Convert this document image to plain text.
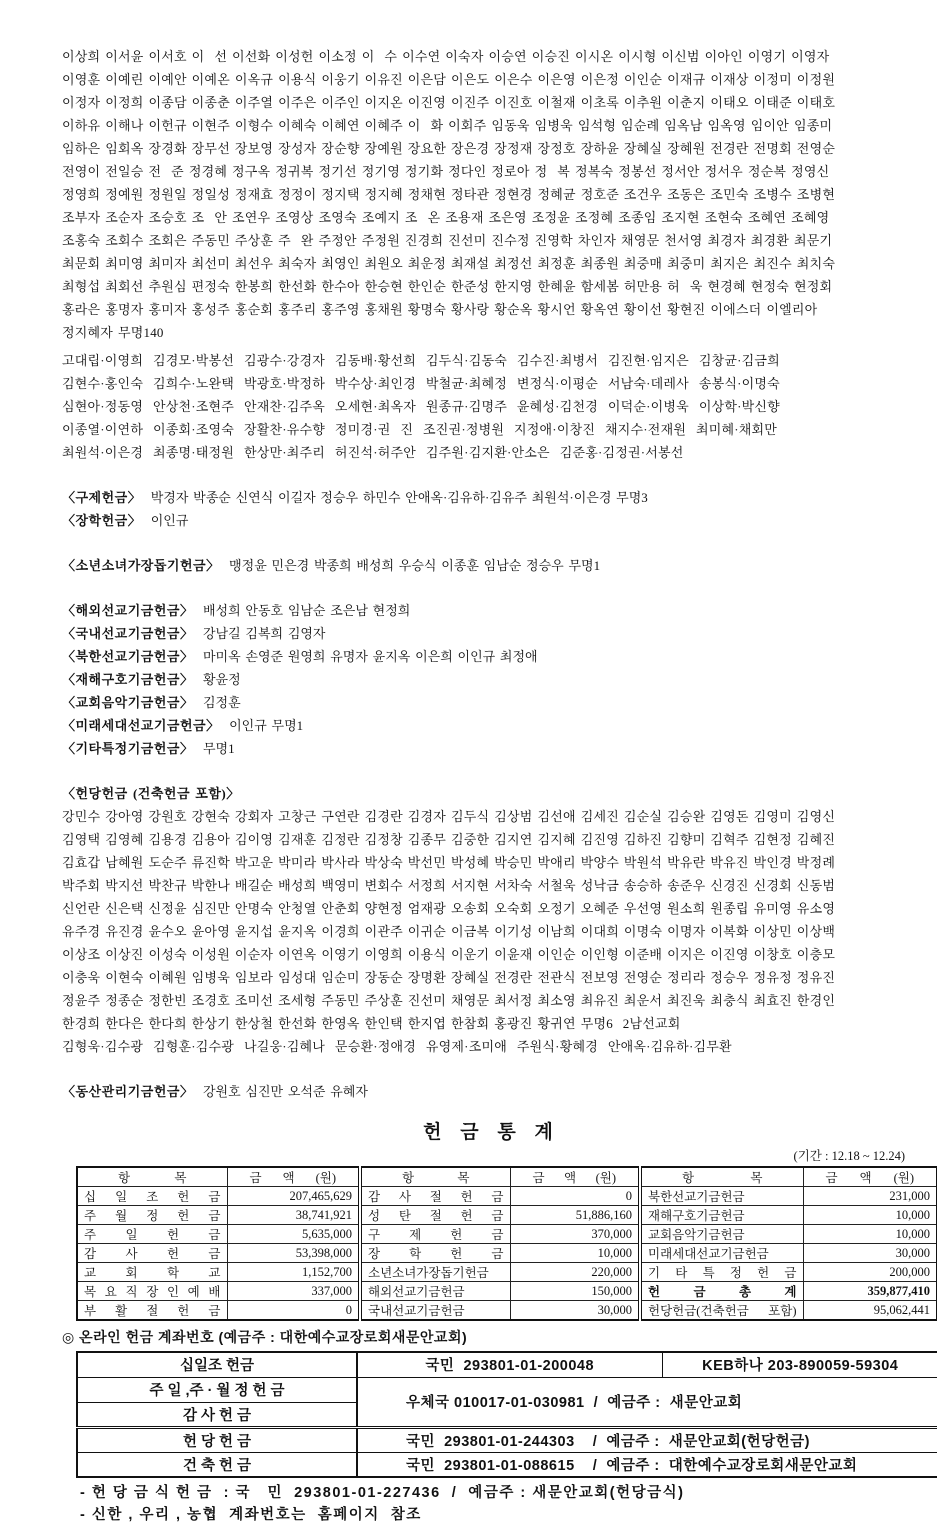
이상희 이서윤 이서호 이  선 이선화 이성헌 이소정 이  수 이수연 이숙자 이승연 이승진 이시온 이시형 이신범 이아인 이영기 이영자
이영훈 이예린 이예안 이예온 이옥규 이용식 이웅기 이유진 이은담 이은도 이은수 이은영 이은정 이인순 이재규 이재상 이정미 이정원
이정자 이정희 이종담 이종춘 이주열 이주은 이주인 이지온 이진영 이진주 이진호 이철재 이초록 이추원 이춘지 이태오 이태준 이태호
이하유 이해나 이헌규 이현주 이형수 이혜숙 이혜연 이혜주 이  화 이회주 임동욱 임병욱 임석형 임순례 임옥남 임옥영 임이안 임종미
임하은 임회옥 장경화 장무선 장보영 장성자 장순향 장예원 장요한 장은경 장정재 장정호 장하윤 장혜실 장혜원 전경란 전명회 전영순
전영이 전일승 전  준 정경혜 정구옥 정귀복 정기선 정기영 정기화 정다인 정로아 정  복 정복숙 정봉선 정서안 정서우 정순복 정영신
정영희 정예원 정원일 정일성 정재효 정정이 정지택 정지혜 정채현 정타관 정현경 정혜균 정호준 조건우 조동은 조민숙 조병수 조병현
조부자 조순자 조승호 조  안 조연우 조영상 조영숙 조예지 조  온 조용재 조은영 조정윤 조정혜 조종임 조지현 조현숙 조혜연 조혜영
조홍숙 조회수 조회은 주동민 주상훈 주  완 주정안 주정원 진경희 진선미 진수정 진영학 차인자 채영문 천서영 최경자 최경환 최문기
최문회 최미영 최미자 최선미 최선우 최숙자 최영인 최원오 최운정 최재설 최정선 최정훈 최종원 최중매 최중미 최지은 최진수 최치숙
최형섭 최회선 추원심 편정숙 한봉희 한선화 한수아 한승현 한인순 한준성 한지영 한혜윤 함세봄 허만용 허  욱 현경혜 현정숙 현정회
홍라은 홍명자 홍미자 홍성주 홍순회 홍주리 홍주영 홍채원 황명숙 황사랑 황순옥 황시언 황옥연 황이선 황현진 이에스더 이엘리아
정지혜자 무명140
고대립·이영희  김경모·박봉선  김광수·강경자  김동배·황선희  김두식·김동숙  김수진·최병서  김진현·임지은  김창균·김금희
김현수·홍인숙  김희수·노완택  박광호·박정하  박수상·최인경  박철균·최혜정  변정식·이평순  서남숙·데레사  송봉식·이명숙
심현아·정동영  안상천·조현주  안재찬·김주옥  오세현·최옥자  원종규·김명주  윤혜성·김천경  이덕순·이병욱  이상학·박신향
이종열·이연하  이종회·조영숙  장활찬·유수향  정미경·권  진  조진권·정병원  지정애·이창진  채지수·전재원  최미혜·채회만
최원석·이은경  최종명·태정원  한상만·최주리  허진석·허주안  김주원·김지환·안소은  김준홍·김정권·서봉선
〈구제헌금〉  박경자 박종순 신연식 이길자 정승우 하민수 안애옥·김유하·김유주 최원석·이은경 무명3
〈장학헌금〉  이인규
〈소년소녀가장돕기헌금〉  맹정윤 민은경 박종희 배성희 우승식 이종훈 임남순 정승우 무명1
〈해외선교기금헌금〉  배성희 안동호 임남순 조은남 현정희
〈국내선교기금헌금〉  강남길 김복희 김영자
〈북한선교기금헌금〉  마미옥 손영준 원영희 유명자 윤지옥 이은희 이인규 최정애
〈재해구호기금헌금〉  황윤정
〈교회음악기금헌금〉  김정훈
〈미래세대선교기금헌금〉  이인규 무명1
〈기타특정기금헌금〉  무명1
〈헌당헌금 (건축헌금 포함)〉
강민수 강아영 강원호 강현숙 강회자 고창근 구연란 김경란 김경자 김두식 김상범 김선애 김세진 김순실 김승완 김영돈 김영미 김영신
김영택 김영혜 김용경 김용아 김이영 김재훈 김정란 김정창 김종무 김중한 김지연 김지혜 김진영 김하진 김향미 김혁주 김현정 김혜진
김효갑 남혜원 도순주 류진학 박고운 박미라 박사라 박상숙 박선민 박성혜 박승민 박애리 박양수 박원석 박유란 박유진 박인경 박정례
박주회 박지선 박찬규 박한나 배길순 배성희 백영미 변회수 서정희 서지현 서차숙 서철욱 성낙금 송승하 송준우 신경진 신경회 신동범
신언란 신은택 신정윤 심진만 안명숙 안청열 안춘회 양현정 엄재광 오송회 오숙회 오정기 오혜준 우선영 원소희 원종립 유미영 유소영
유주경 유진경 윤수오 윤아영 윤지섭 윤지옥 이경희 이관주 이귀순 이금복 이기성 이남희 이대희 이명숙 이명자 이복화 이상민 이상백
이상조 이상진 이성숙 이성원 이순자 이연옥 이영기 이영희 이용식 이운기 이윤재 이인순 이인형 이준배 이지은 이진영 이창호 이충모
이충욱 이현숙 이혜원 임병욱 임보라 임성대 임순미 장동순 장명환 장혜실 전경란 전관식 전보영 전영순 정리라 정승우 정유정 정유진
정윤주 정종순 정한빈 조경호 조미선 조세형 주동민 주상훈 진선미 채영문 최서정 최소영 최유진 최운서 최진욱 최충식 최효진 한경인
한경희 한다은 한다희 한상기 한상철 한선화 한영옥 한인택 한지엽 한참회 홍광진 황귀연 무명6  2남선교회
김형욱·김수광  김형훈·김수광  나길웅·김혜나  문승환·정애경  유영제·조미애  주원식·황혜경  안애옥·김유하·김무환
〈동산관리기금헌금〉  강원호 심진만 오석준 유혜자
헌 금 통 계
(기간 : 12.18 ~ 12.24)
항 목	금 액 (원)	항 목	금 액 (원)	항 목	금 액 (원)
십 일 조 헌 금	207,465,629	감 사 절 헌 금	0	북한선교기금헌금	231,000
주 월 정 헌 금	38,741,921	성 탄 절 헌 금	51,886,160	재해구호기금헌금	10,000
주 일 헌 금	5,635,000	구 제 헌 금	370,000	교회음악기금헌금	10,000
감 사 헌 금	53,398,000	장 학 헌 금	10,000	미래세대선교기금헌금	30,000
교 회 학 교	1,152,700	소년소녀가장돕기헌금	220,000	기 타 특 정 헌 금	200,000
목 요 직 장 인 예 배	337,000	해외선교기금헌금	150,000	헌 금 총 계	359,877,410
부 활 절 헌 금	0	국내선교기금헌금	30,000	헌당헌금(건축헌금 포함)	95,062,441
◎ 온라인 헌금 계좌번호 (예금주 : 대한예수교장로회새문안교회)
십일조 헌금	국민  293801-01-200048	KEB하나 203-890059-59304
주 일 ,주 · 월 정 헌 금	우체국 010017-01-030981  /  예금주 :  새문안교회	
감 사 헌 금		
헌 당 헌 금	국민  293801-01-244303    /  예금주 :  새문안교회(헌당헌금)	
건 축 헌 금	국민  293801-01-088615    /  예금주 :  대한예수교장로회새문안교회	
- 헌 당 금 식 헌 금  : 국   민  293801-01-227436  /  예금주 : 새문안교회(헌당금식)
- 신한 , 우리 , 농협  계좌번호는  홈페이지  참조
